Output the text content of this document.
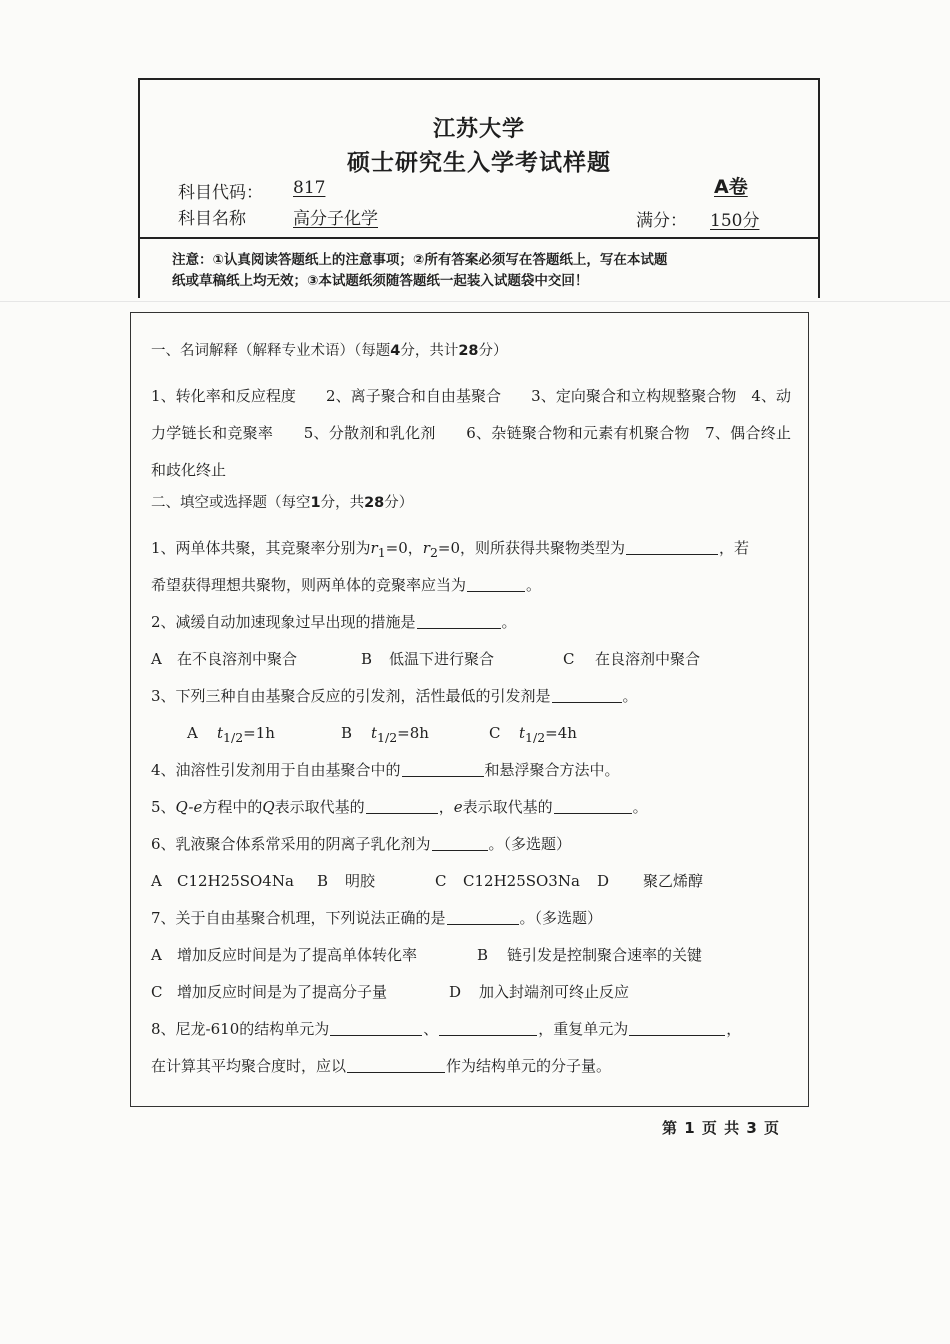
江苏大学
硕士研究生入学考试样题
科目代码： 817	A卷
科目名称	高分子化学	满分： 150分
注意：①认真阅读答题纸上的注意事项；②所有答案必须写在答题纸上，写在本试题
纸或草稿纸上均无效；③本试题纸须随答题纸一起装入试题袋中交回！
一、名词解释（解释专业术语）（每题4分，共计28分）
1、转化率和反应程度　　2、离子聚合和自由基聚合　　3、定向聚合和立构规整聚合物　4、动力学链长和竞聚率　　5、分散剂和乳化剂　　6、杂链聚合物和元素有机聚合物　7、偶合终止和歧化终止
二、填空或选择题（每空1分，共28分）
1、两单体共聚，其竞聚率分别为$r_1=0$，$r_2=0$，则所获得共聚物类型为	，若
希望获得理想共聚物，则两单体的竞聚率应当为	。
2、减缓自动加速现象过早出现的措施是	。
A 在不良溶剂中聚合	B 低温下进行聚合	C 在良溶剂中聚合
3、下列三种自由基聚合反应的引发剂，活性最低的引发剂是	。
A $t_{1/2}=1h$	B $t_{1/2}=8h$	C $t_{1/2}=4h$
4、油溶性引发剂用于自由基聚合中的	和悬浮聚合方法中。
5、Q-e方程中的Q表示取代基的	，e表示取代基的	。
6、乳液聚合体系常采用的阴离子乳化剂为	。（多选题）
A C12H25SO4Na B 明胶	C C12H25SO3Na D 聚乙烯醇
7、关于自由基聚合机理，下列说法正确的是	。（多选题）
A 增加反应时间是为了提高单体转化率	B 链引发是控制聚合速率的关键
C 增加反应时间是为了提高分子量	D 加入封端剂可终止反应
8、尼龙-610的结构单元为	、	，重复单元为	，
在计算其平均聚合度时，应以	作为结构单元的分子量。
第 1 页 共 3 页
